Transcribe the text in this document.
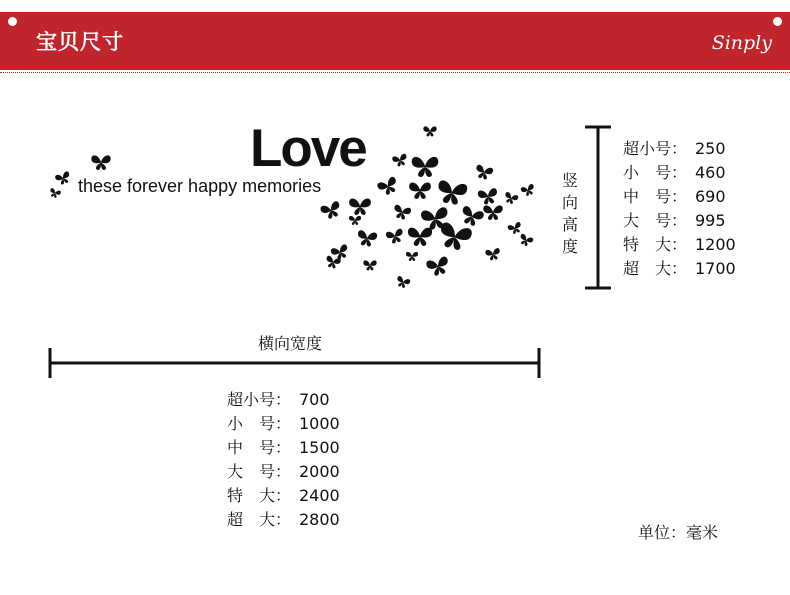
宝贝尺寸	Sinply
Love
these forever happy memories	竖向高度
超小号： 250
小　号： 460
中　号： 690
大　号： 995
特　大： 1200
超　大： 1700
横向宽度
超小号： 700
小　号： 1000
中　号： 1500
大　号： 2000
特　大： 2400
超　大： 2800
单位：毫米
